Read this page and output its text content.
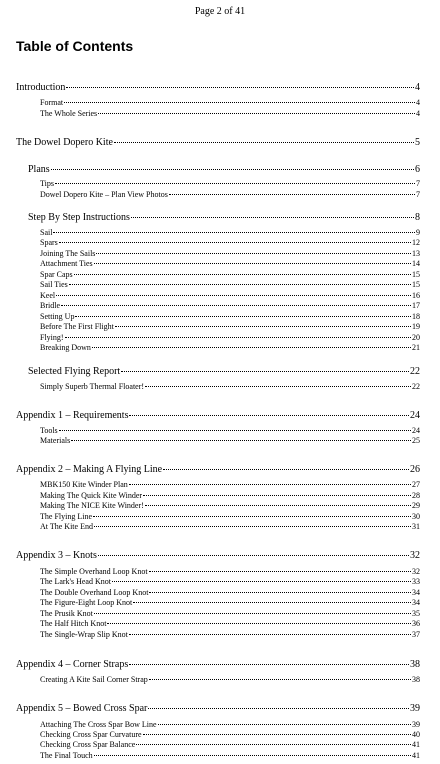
Page 2 of 41
Table of Contents
Introduction	4
Format	4
The Whole Series	4
The Dowel Dopero Kite	5
Plans	6
Tips	7
Dowel Dopero Kite – Plan View Photos	7
Step By Step Instructions	8
Sail	9
Spars	12
Joining The Sails	13
Attachment Ties	14
Spar Caps	15
Sail Ties	15
Keel	16
Bridle	17
Setting Up	18
Before The First Flight	19
Flying!	20
Breaking Down	21
Selected Flying Report	22
Simply Superb Thermal Floater!	22
Appendix 1 – Requirements	24
Tools	24
Materials	25
Appendix 2 – Making A Flying Line	26
MBK150 Kite Winder Plan	27
Making The Quick Kite Winder	28
Making The NICE Kite Winder!	29
The Flying Line	30
At The Kite End	31
Appendix 3 – Knots	32
The Simple Overhand Loop Knot	32
The Lark's Head Knot	33
The Double Overhand Loop Knot	34
The Figure-Eight Loop Knot	34
The Prusik Knot	35
The Half Hitch Knot	36
The Single-Wrap Slip Knot	37
Appendix 4 – Corner Straps	38
Creating A Kite Sail Corner Strap	38
Appendix 5 – Bowed Cross Spar	39
Attaching The Cross Spar Bow Line	39
Checking Cross Spar Curvature	40
Checking Cross Spar Balance	41
The Final Touch	41
